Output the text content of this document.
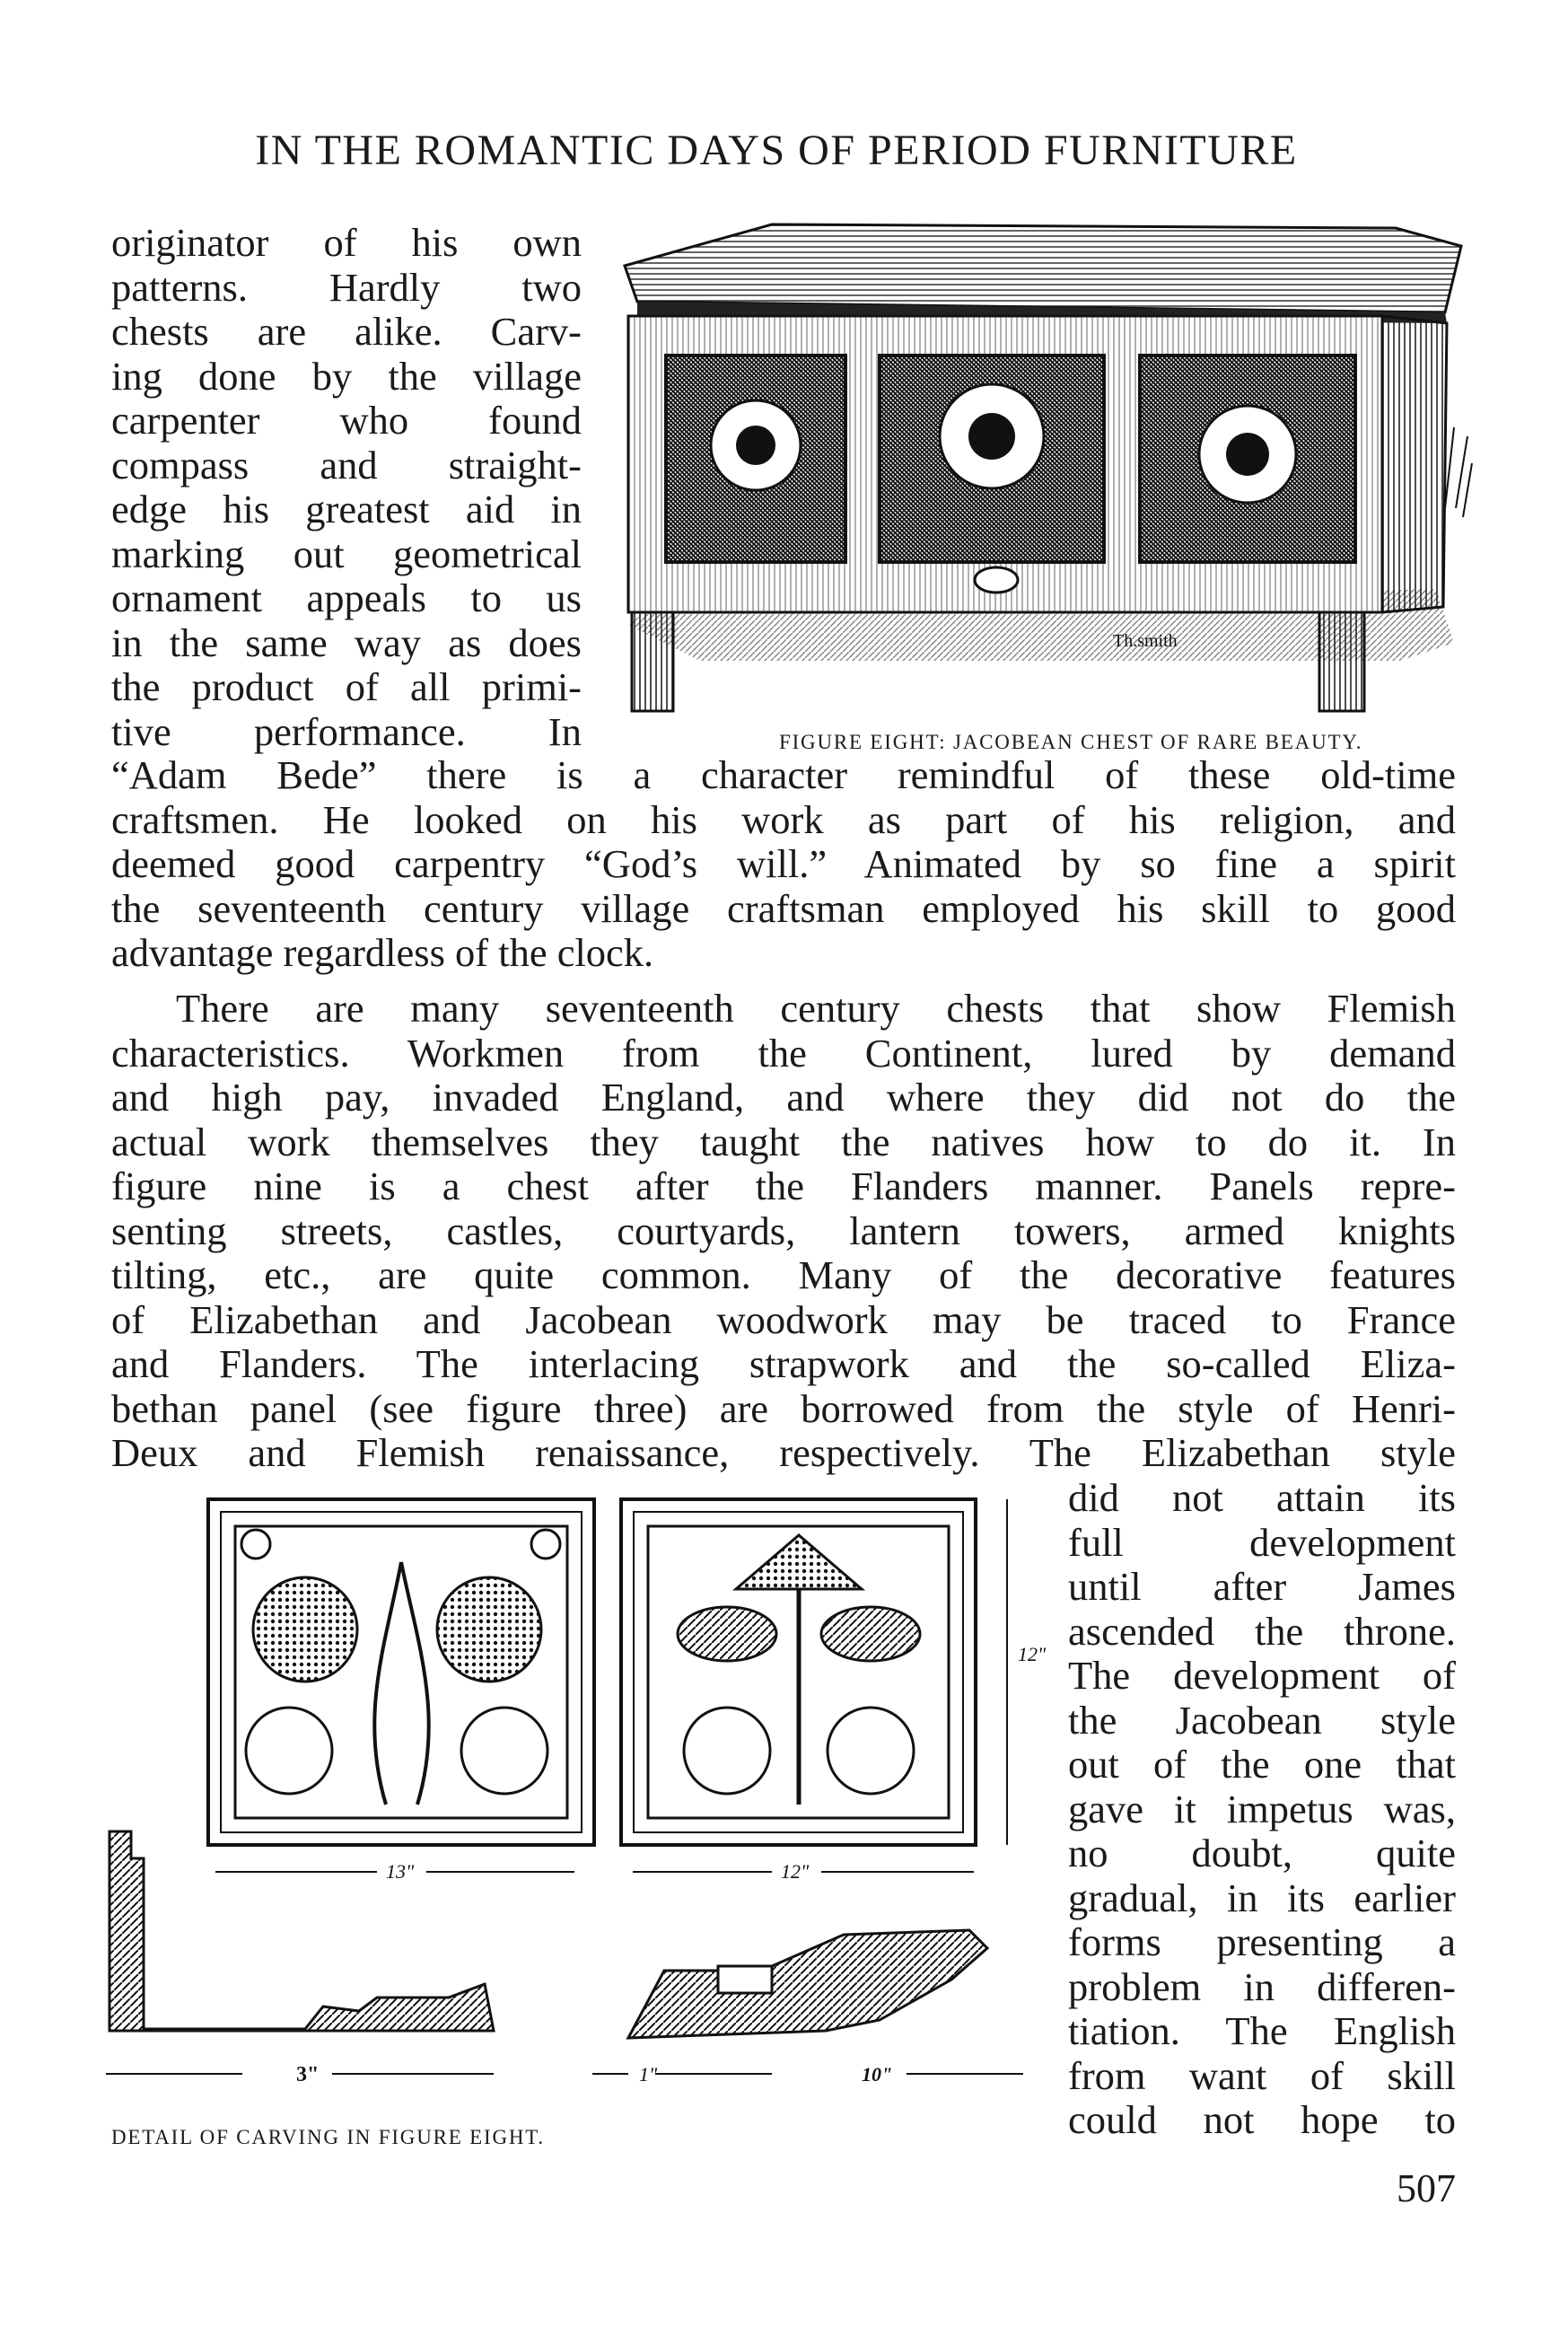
IN THE ROMANTIC DAYS OF PERIOD FURNITURE
originator of his own
patterns. Hardly two
chests are alike. Carv-
ing done by the village
carpenter who found
compass and straight-
edge his greatest aid in
marking out geometrical
ornament appeals to us
in the same way as does
the product of all primi-
tive performance. In
Th.smith
FIGURE EIGHT: JACOBEAN CHEST OF RARE BEAUTY.
“Adam Bede” there is a character remindful of these old-time
craftsmen. He looked on his work as part of his religion, and
deemed good carpentry “God’s will.” Animated by so fine a spirit
the seventeenth century village craftsman employed his skill to good
advantage regardless of the clock.
There are many seventeenth century chests that show Flemish
characteristics. Workmen from the Continent, lured by demand
and high pay, invaded England, and where they did not do the
actual work themselves they taught the natives how to do it. In
figure nine is a chest after the Flanders manner. Panels repre-
senting streets, castles, courtyards, lantern towers, armed knights
tilting, etc., are quite common. Many of the decorative features
of Elizabethan and Jacobean woodwork may be traced to France
and Flanders. The interlacing strapwork and the so-called Eliza-
bethan panel (see figure three) are borrowed from the style of Henri-
Deux and Flemish renaissance, respectively. The Elizabethan style
12"
13"	12"
3"	1"	10"
DETAIL OF CARVING IN FIGURE EIGHT.
did not attain its
full development
until after James
ascended the throne.
The development of
the Jacobean style
out of the one that
gave it impetus was,
no doubt, quite
gradual, in its earlier
forms presenting a
problem in differen-
tiation. The English
from want of skill
could not hope to
507
